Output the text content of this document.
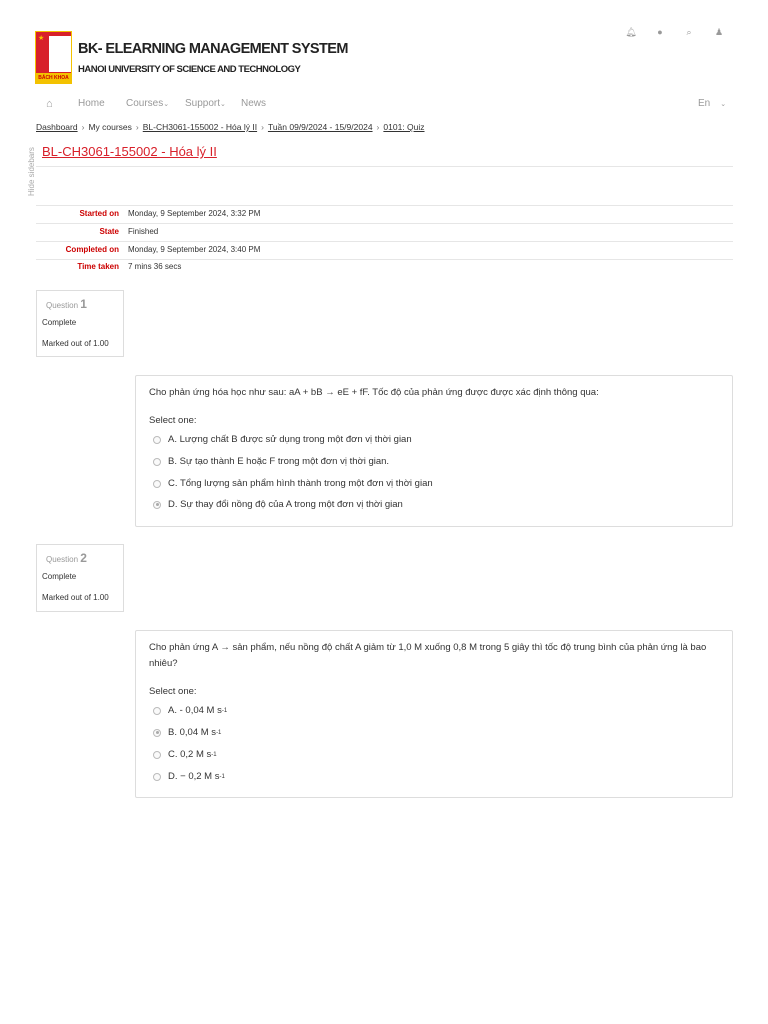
★
BÁCH KHOA
BK- ELEARNING MANAGEMENT SYSTEM
HANOI UNIVERSITY OF SCIENCE AND TECHNOLOGY
🔔︎	●	⌕	♟
⌂	Home Courses⌄ Support⌄ News	En ⌄
Dashboard › My courses › BL-CH3061-155002 - Hóa lý II › Tuần 09/9/2024 - 15/9/2024 › 0101: Quiz
BL-CH3061-155002 - Hóa lý II
Hide sidebars
Started on Monday, 9 September 2024, 3:32 PM
State Finished
Completed on Monday, 9 September 2024, 3:40 PM
Time taken 7 mins 36 secs
Question 1
Complete
Marked out of 1.00
Cho phản ứng hóa học như sau: aA + bB → eE + fF. Tốc độ của phản ứng được được xác định thông qua:
Select one:
A. Lượng chất B được sử dụng trong một đơn vị thời gian
B. Sự tạo thành E hoặc F trong một đơn vị thời gian.
C. Tổng lượng sản phẩm hình thành trong một đơn vị thời gian
D. Sự thay đổi nồng độ của A trong một đơn vị thời gian
Question 2
Complete
Marked out of 1.00
Cho phản ứng A → sản phẩm, nếu nồng độ chất A giảm từ 1,0 M xuống 0,8 M trong 5 giây thì tốc độ trung bình của phản ứng là bao nhiêu?
Select one:
A. - 0,04 M s -1
B. 0,04 M s -1
C. 0,2 M s -1
D. − 0,2 M s -1
